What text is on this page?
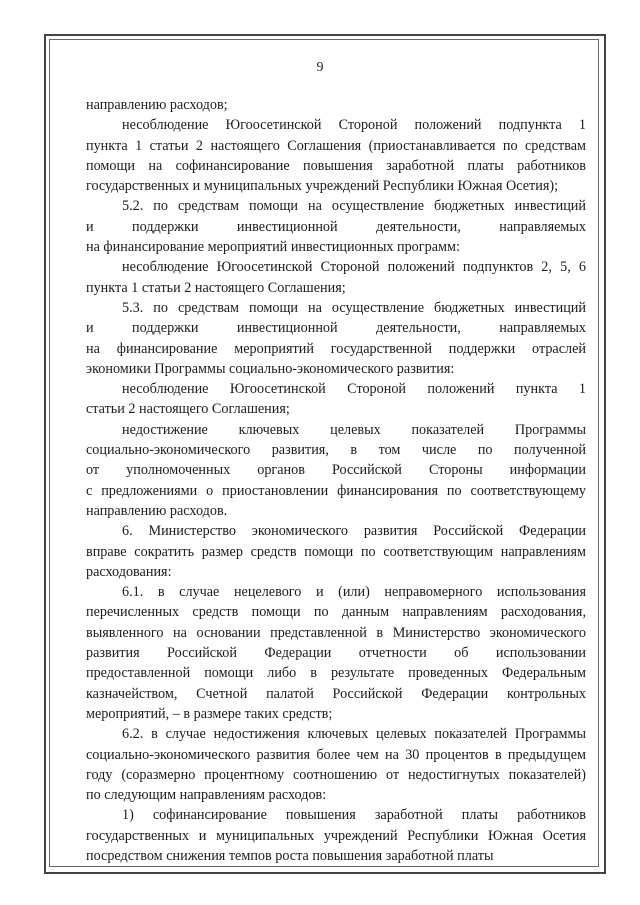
9

направлению расходов;

несоблюдение Югоосетинской Стороной положений подпункта 1
пункта 1 статьи 2 настоящего Соглашения (приостанавливается по средствам
помощи на софинансирование повышения заработной платы работников
государственных и муниципальных учреждений Республики Южная Осетия);

5.2. по средствам помощи на осуществление бюджетных инвестиций
и поддержки инвестиционной деятельности, направляемых
на финансирование мероприятий инвестиционных программ:

несоблюдение Югоосетинской Стороной положений подпунктов 2, 5, 6
пункта 1 статьи 2 настоящего Соглашения;

5.3. по средствам помощи на осуществление бюджетных инвестиций
и поддержки инвестиционной деятельности, направляемых
на финансирование мероприятий государственной поддержки отраслей
экономики Программы социально-экономического развития:

несоблюдение Югоосетинской Стороной положений пункта 1
статьи 2 настоящего Соглашения;

недостижение ключевых целевых показателей Программы
социально-экономического развития, в том числе по полученной
от уполномоченных органов Российской Стороны информации
с предложениями о приостановлении финансирования по соответствующему
направлению расходов.

6. Министерство экономического развития Российской Федерации
вправе сократить размер средств помощи по соответствующим направлениям
расходования:

6.1. в случае нецелевого и (или) неправомерного использования
перечисленных средств помощи по данным направлениям расходования,
выявленного на основании представленной в Министерство экономического
развития Российской Федерации отчетности об использовании
предоставленной помощи либо в результате проведенных Федеральным
казначейством, Счетной палатой Российской Федерации контрольных
мероприятий, – в размере таких средств;

6.2. в случае недостижения ключевых целевых показателей Программы
социально-экономического развития более чем на 30 процентов в предыдущем
году (соразмерно процентному соотношению от недостигнутых показателей)
по следующим направлениям расходов:

1) софинансирование повышения заработной платы работников
государственных и муниципальных учреждений Республики Южная Осетия
посредством снижения темпов роста повышения заработной платы
